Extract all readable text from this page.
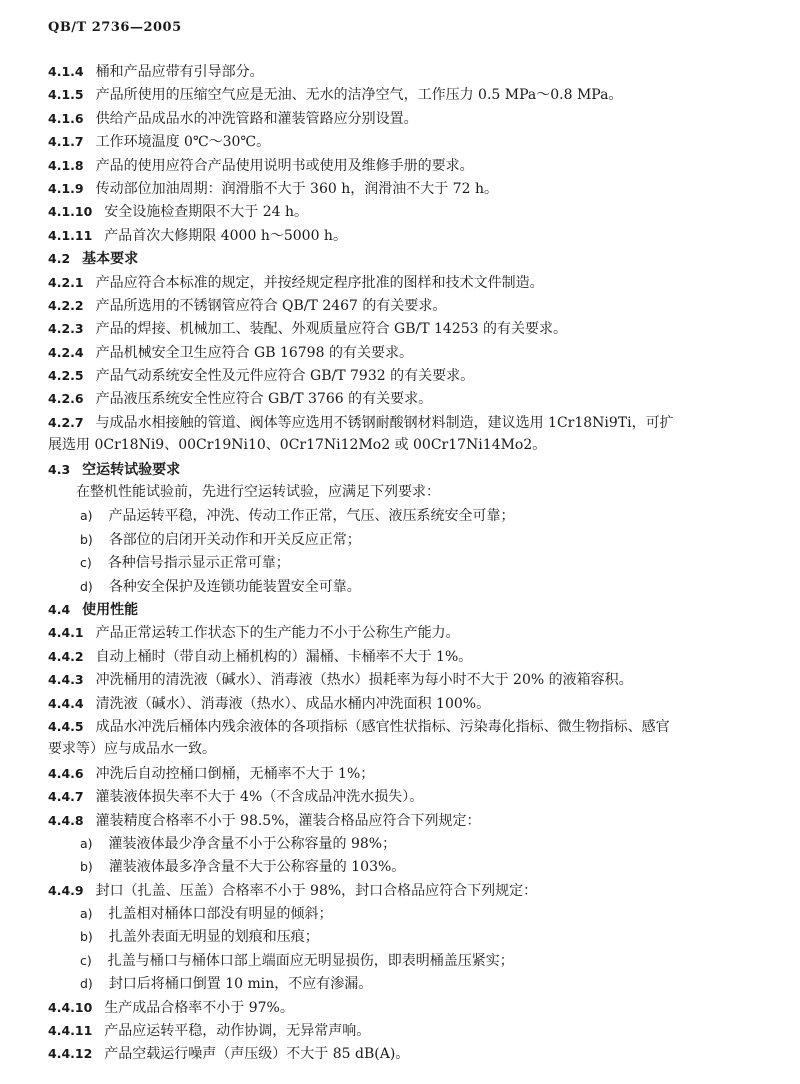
QB/T 2736—2005
4.1.4 桶和产品应带有引导部分。
4.1.5 产品所使用的压缩空气应是无油、无水的洁净空气，工作压力 0.5 MPa～0.8 MPa。
4.1.6 供给产品成品水的冲洗管路和灌装管路应分别设置。
4.1.7 工作环境温度 0℃～30℃。
4.1.8 产品的使用应符合产品使用说明书或使用及维修手册的要求。
4.1.9 传动部位加油周期：润滑脂不大于 360 h，润滑油不大于 72 h。
4.1.10 安全设施检查期限不大于 24 h。
4.1.11 产品首次大修期限 4000 h～5000 h。
4.2 基本要求
4.2.1 产品应符合本标准的规定，并按经规定程序批准的图样和技术文件制造。
4.2.2 产品所选用的不锈钢管应符合 QB/T 2467 的有关要求。
4.2.3 产品的焊接、机械加工、装配、外观质量应符合 GB/T 14253 的有关要求。
4.2.4 产品机械安全卫生应符合 GB 16798 的有关要求。
4.2.5 产品气动系统安全性及元件应符合 GB/T 7932 的有关要求。
4.2.6 产品液压系统安全性应符合 GB/T 3766 的有关要求。
4.2.7 与成品水相接触的管道、阀体等应选用不锈钢耐酸钢材料制造，建议选用 1Cr18Ni9Ti，可扩
展选用 0Cr18Ni9、00Cr19Ni10、0Cr17Ni12Mo2 或 00Cr17Ni14Mo2。
4.3 空运转试验要求
在整机性能试验前，先进行空运转试验，应满足下列要求：
a) 产品运转平稳，冲洗、传动工作正常，气压、液压系统安全可靠；
b) 各部位的启闭开关动作和开关反应正常；
c) 各种信号指示显示正常可靠；
d) 各种安全保护及连锁功能装置安全可靠。
4.4 使用性能
4.4.1 产品正常运转工作状态下的生产能力不小于公称生产能力。
4.4.2 自动上桶时（带自动上桶机构的）漏桶、卡桶率不大于 1%。
4.4.3 冲洗桶用的清洗液（碱水）、消毒液（热水）损耗率为每小时不大于 20% 的液箱容积。
4.4.4 清洗液（碱水）、消毒液（热水）、成品水桶内冲洗面积 100%。
4.4.5 成品水冲洗后桶体内残余液体的各项指标（感官性状指标、污染毒化指标、微生物指标、感官
要求等）应与成品水一致。
4.4.6 冲洗后自动控桶口倒桶，无桶率不大于 1%；
4.4.7 灌装液体损失率不大于 4%（不含成品冲洗水损失）。
4.4.8 灌装精度合格率不小于 98.5%，灌装合格品应符合下列规定：
a) 灌装液体最少净含量不小于公称容量的 98%；
b) 灌装液体最多净含量不大于公称容量的 103%。
4.4.9 封口（扎盖、压盖）合格率不小于 98%，封口合格品应符合下列规定：
a) 扎盖相对桶体口部没有明显的倾斜；
b) 扎盖外表面无明显的划痕和压痕；
c) 扎盖与桶口与桶体口部上端面应无明显损伤，即表明桶盖压紧实；
d) 封口后将桶口倒置 10 min，不应有渗漏。
4.4.10 生产成品合格率不小于 97%。
4.4.11 产品应运转平稳，动作协调，无异常声响。
4.4.12 产品空载运行噪声（声压级）不大于 85 dB(A)。
